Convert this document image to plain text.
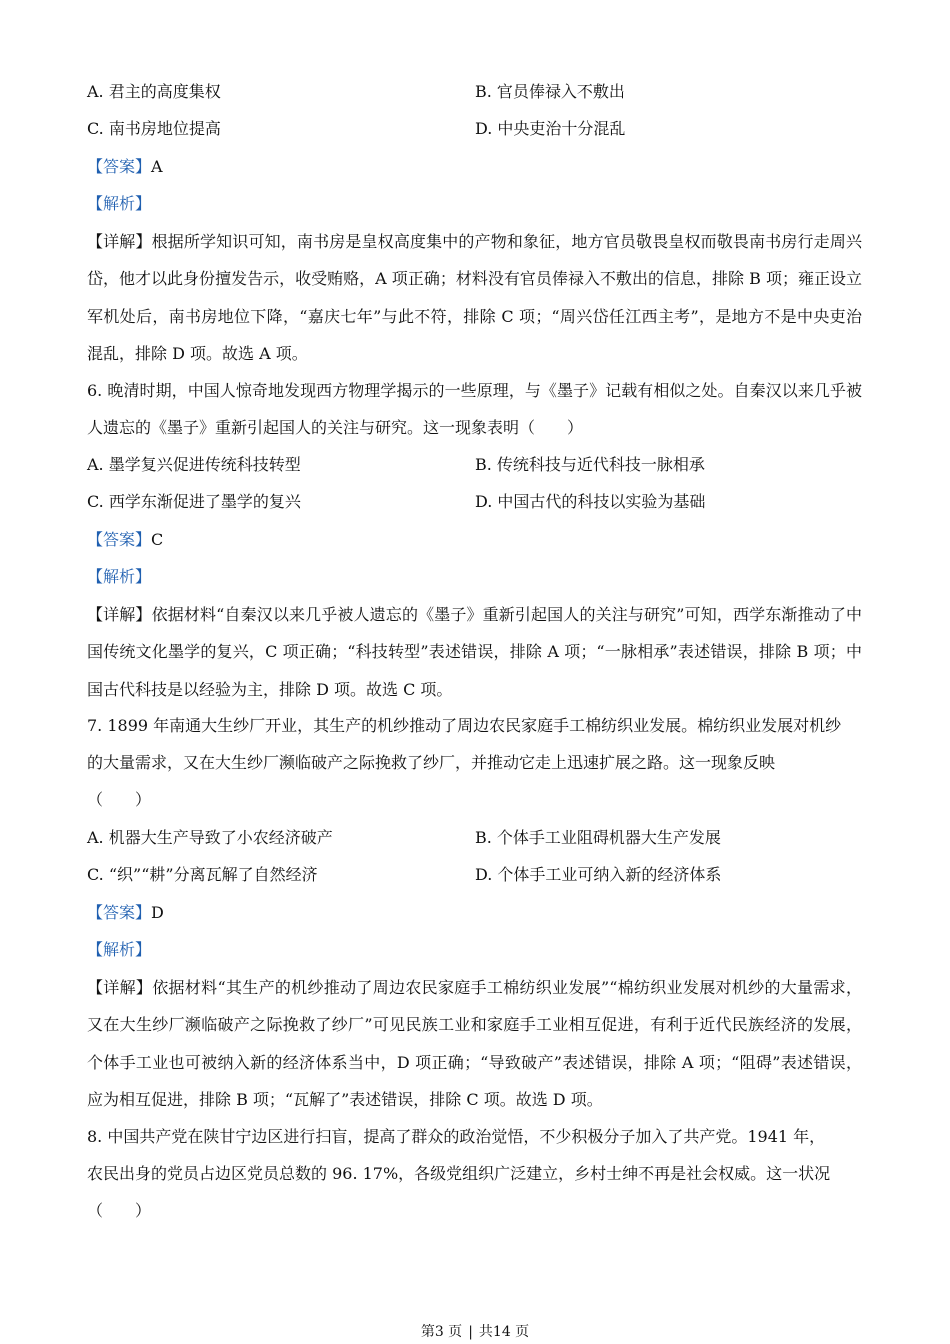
A. 君主的高度集权	B. 官员俸禄入不敷出
C. 南书房地位提高	D. 中央吏治十分混乱
【答案】A
【解析】
【详解】根据所学知识可知，南书房是皇权高度集中的产物和象征，地方官员敬畏皇权而敬畏南书房行走周兴岱，他才以此身份擅发告示，收受贿赂，A 项正确；材料没有官员俸禄入不敷出的信息，排除 B 项；雍正设立军机处后，南书房地位下降，“嘉庆七年”与此不符，排除 C 项；“周兴岱任江西主考”，是地方不是中央吏治混乱，排除 D 项。故选 A 项。
6. 晚清时期，中国人惊奇地发现西方物理学揭示的一些原理，与《墨子》记载有相似之处。自秦汉以来几乎被人遗忘的《墨子》重新引起国人的关注与研究。这一现象表明（　　）
A. 墨学复兴促进传统科技转型	B. 传统科技与近代科技一脉相承
C. 西学东渐促进了墨学的复兴	D. 中国古代的科技以实验为基础
【答案】C
【解析】
【详解】依据材料“自秦汉以来几乎被人遗忘的《墨子》重新引起国人的关注与研究”可知，西学东渐推动了中国传统文化墨学的复兴，C 项正确；“科技转型”表述错误，排除 A 项；“一脉相承”表述错误，排除 B 项；中国古代科技是以经验为主，排除 D 项。故选 C 项。
7. 1899 年南通大生纱厂开业，其生产的机纱推动了周边农民家庭手工棉纺织业发展。棉纺织业发展对机纱
的大量需求，又在大生纱厂濒临破产之际挽救了纱厂，并推动它走上迅速扩展之路。这一现象反映
（　　）
A. 机器大生产导致了小农经济破产	B. 个体手工业阻碍机器大生产发展
C. “织”“耕”分离瓦解了自然经济	D. 个体手工业可纳入新的经济体系
【答案】D
【解析】
【详解】依据材料“其生产的机纱推动了周边农民家庭手工棉纺织业发展”“棉纺织业发展对机纱的大量需求，又在大生纱厂濒临破产之际挽救了纱厂”可见民族工业和家庭手工业相互促进，有利于近代民族经济的发展，个体手工业也可被纳入新的经济体系当中，D 项正确；“导致破产”表述错误，排除 A 项；“阻碍”表述错误，应为相互促进，排除 B 项；“瓦解了”表述错误，排除 C 项。故选 D 项。
8. 中国共产党在陕甘宁边区进行扫盲，提高了群众的政治觉悟，不少积极分子加入了共产党。1941 年，
农民出身的党员占边区党员总数的 96. 17%，各级党组织广泛建立，乡村士绅不再是社会权威。这一状况
（　　）
第3 页 | 共14 页
